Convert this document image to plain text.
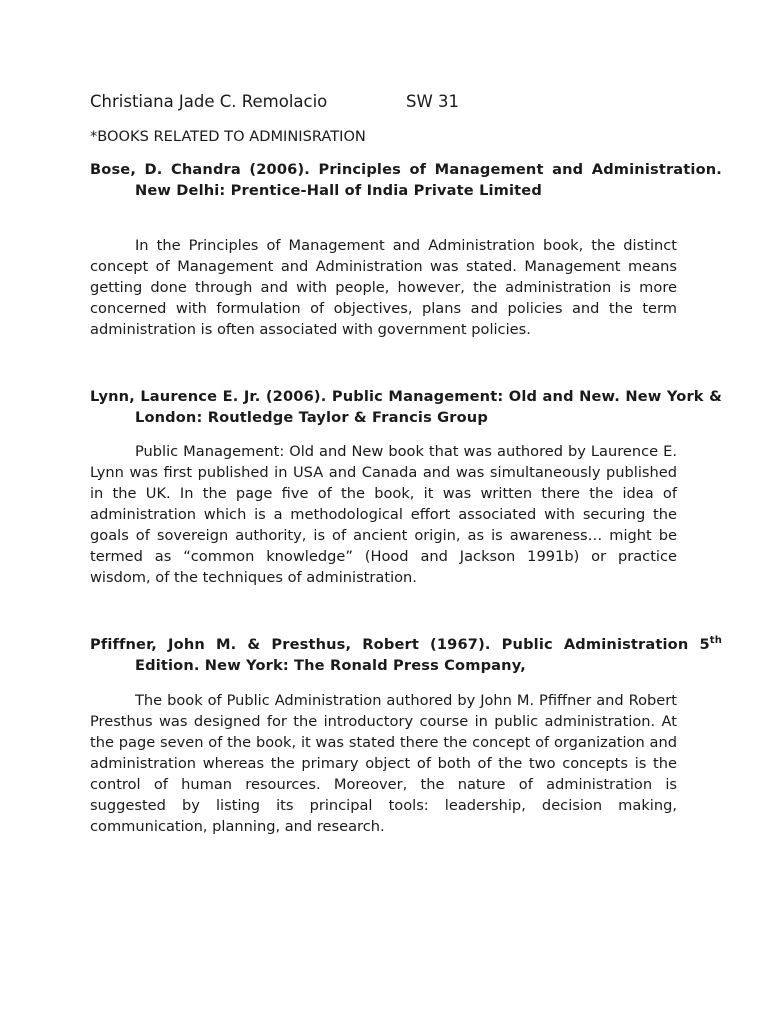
Christiana Jade C. Remolacio	SW 31
*BOOKS RELATED TO ADMINISRATION
Bose, D. Chandra (2006). Principles of Management and Administration. New Delhi: Prentice-Hall of India Private Limited
In the Principles of Management and Administration book, the distinct concept of Management and Administration was stated. Management means getting done through and with people, however, the administration is more concerned with formulation of objectives, plans and policies and the term administration is often associated with government policies.
Lynn, Laurence E. Jr. (2006). Public Management: Old and New. New York & London: Routledge Taylor & Francis Group
Public Management: Old and New book that was authored by Laurence E. Lynn was first published in USA and Canada and was simultaneously published in the UK. In the page five of the book, it was written there the idea of administration which is a methodological effort associated with securing the goals of sovereign authority, is of ancient origin, as is awareness… might be termed as “common knowledge” (Hood and Jackson 1991b) or practice wisdom, of the techniques of administration.
Pfiffner, John M. & Presthus, Robert (1967). Public Administration 5th Edition. New York: The Ronald Press Company,
The book of Public Administration authored by John M. Pfiffner and Robert Presthus was designed for the introductory course in public administration. At the page seven of the book, it was stated there the concept of organization and administration whereas the primary object of both of the two concepts is the control of human resources. Moreover, the nature of administration is suggested by listing its principal tools: leadership, decision making, communication, planning, and research.
